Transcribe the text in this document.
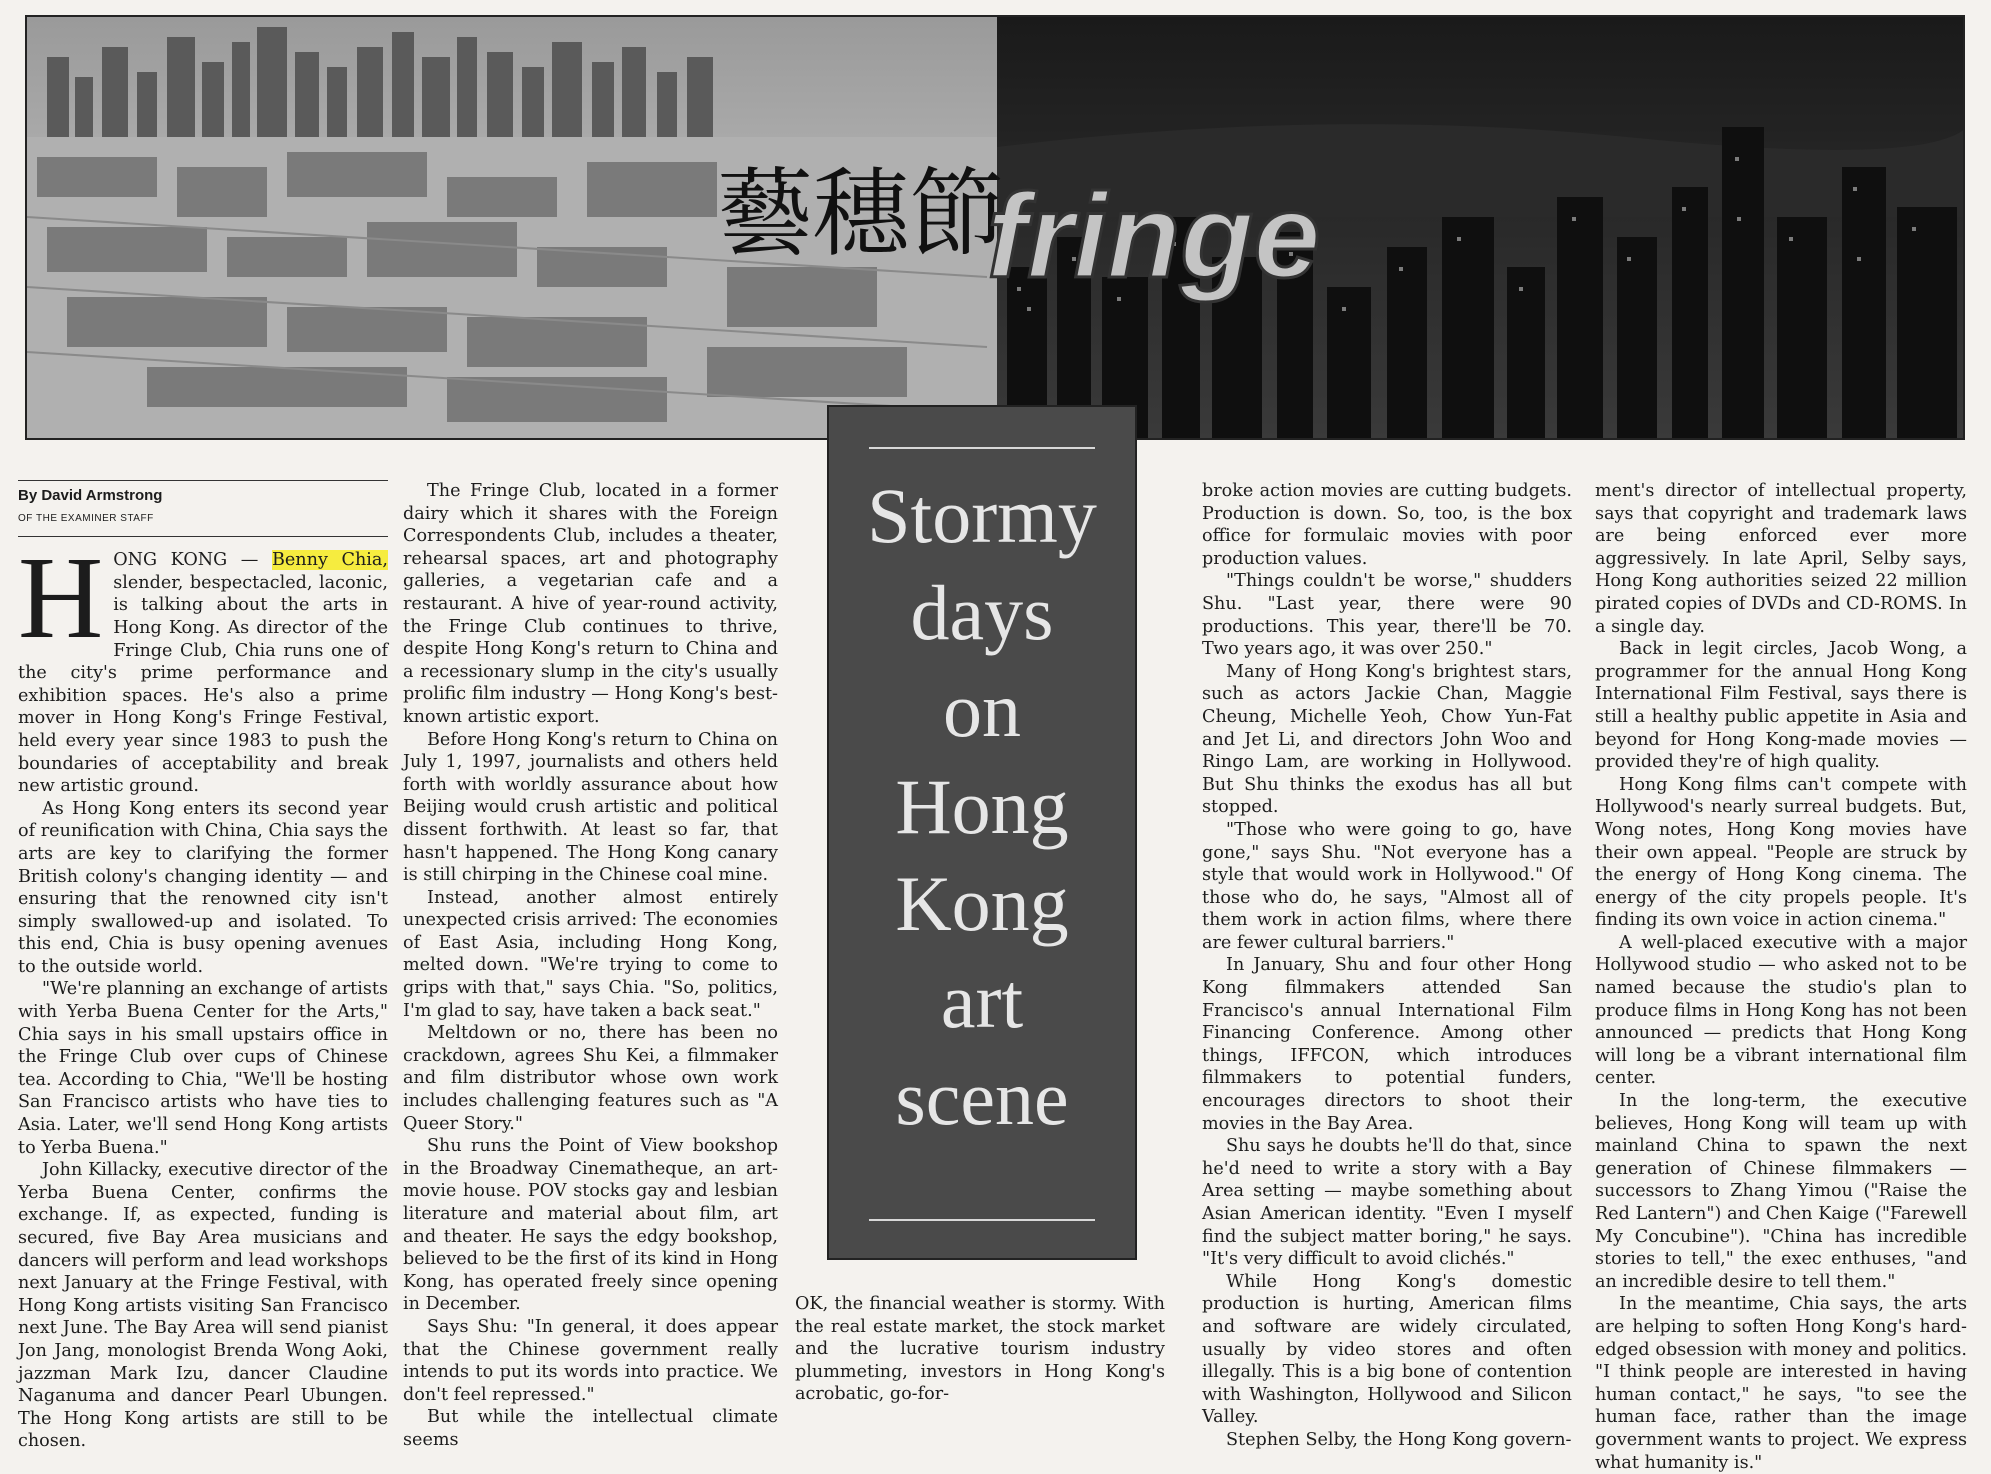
藝穗節
fringe
Stormy
days
on
Hong
Kong
art
scene
By David Armstrong
OF THE EXAMINER STAFF

HONG KONG — Benny Chia, slender, bespectacled, laconic, is talking about the arts in Hong Kong. As director of the Fringe Club, Chia runs one of the city's prime performance and exhibition spaces. He's also a prime mover in Hong Kong's Fringe Festival, held every year since 1983 to push the boundaries of acceptability and break new artistic ground.

As Hong Kong enters its second year of reunification with China, Chia says the arts are key to clarifying the former British colony's changing identity — and ensuring that the renowned city isn't simply swallowed-up and isolated. To this end, Chia is busy opening avenues to the outside world.

"We're planning an exchange of artists with Yerba Buena Center for the Arts," Chia says in his small upstairs office in the Fringe Club over cups of Chinese tea. According to Chia, "We'll be hosting San Francisco artists who have ties to Asia. Later, we'll send Hong Kong artists to Yerba Buena."

John Killacky, executive director of the Yerba Buena Center, confirms the exchange. If, as expected, funding is secured, five Bay Area musicians and dancers will perform and lead workshops next January at the Fringe Festival, with Hong Kong artists visiting San Francisco next June. The Bay Area will send pianist Jon Jang, monologist Brenda Wong Aoki, jazzman Mark Izu, dancer Claudine Naganuma and dancer Pearl Ubungen. The Hong Kong artists are still to be chosen.

The Fringe Club, located in a former dairy which it shares with the Foreign Correspondents Club, includes a theater, rehearsal spaces, art and photography galleries, a vegetarian cafe and a restaurant. A hive of year-round activity, the Fringe Club continues to thrive, despite Hong Kong's return to China and a recessionary slump in the city's usually prolific film industry — Hong Kong's best-known artistic export.

Before Hong Kong's return to China on July 1, 1997, journalists and others held forth with worldly assurance about how Beijing would crush artistic and political dissent forthwith. At least so far, that hasn't happened. The Hong Kong canary is still chirping in the Chinese coal mine.

Instead, another almost entirely unexpected crisis arrived: The economies of East Asia, including Hong Kong, melted down. "We're trying to come to grips with that," says Chia. "So, politics, I'm glad to say, have taken a back seat."

Meltdown or no, there has been no crackdown, agrees Shu Kei, a filmmaker and film distributor whose own work includes challenging features such as "A Queer Story."

Shu runs the Point of View bookshop in the Broadway Cinematheque, an art-movie house. POV stocks gay and lesbian literature and material about film, art and theater. He says the edgy bookshop, believed to be the first of its kind in Hong Kong, has operated freely since opening in December.

Says Shu: "In general, it does appear that the Chinese government really intends to put its words into practice. We don't feel repressed."

But while the intellectual climate seems

OK, the financial weather is stormy. With the real estate market, the stock market and the lucrative tourism industry plummeting, investors in Hong Kong's acrobatic, go-for-

broke action movies are cutting budgets. Production is down. So, too, is the box office for formulaic movies with poor production values.

"Things couldn't be worse," shudders Shu. "Last year, there were 90 productions. This year, there'll be 70. Two years ago, it was over 250."

Many of Hong Kong's brightest stars, such as actors Jackie Chan, Maggie Cheung, Michelle Yeoh, Chow Yun-Fat and Jet Li, and directors John Woo and Ringo Lam, are working in Hollywood. But Shu thinks the exodus has all but stopped.

"Those who were going to go, have gone," says Shu. "Not everyone has a style that would work in Hollywood." Of those who do, he says, "Almost all of them work in action films, where there are fewer cultural barriers."

In January, Shu and four other Hong Kong filmmakers attended San Francisco's annual International Film Financing Conference. Among other things, IFFCON, which introduces filmmakers to potential funders, encourages directors to shoot their movies in the Bay Area.

Shu says he doubts he'll do that, since he'd need to write a story with a Bay Area setting — maybe something about Asian American identity. "Even I myself find the subject matter boring," he says. "It's very difficult to avoid clichés."

While Hong Kong's domestic production is hurting, American films and software are widely circulated, usually by video stores and often illegally. This is a big bone of contention with Washington, Hollywood and Silicon Valley.

Stephen Selby, the Hong Kong govern-

ment's director of intellectual property, says that copyright and trademark laws are being enforced ever more aggressively. In late April, Selby says, Hong Kong authorities seized 22 million pirated copies of DVDs and CD-ROMS. In a single day.

Back in legit circles, Jacob Wong, a programmer for the annual Hong Kong International Film Festival, says there is still a healthy public appetite in Asia and beyond for Hong Kong-made movies — provided they're of high quality.

Hong Kong films can't compete with Hollywood's nearly surreal budgets. But, Wong notes, Hong Kong movies have their own appeal. "People are struck by the energy of Hong Kong cinema. The energy of the city propels people. It's finding its own voice in action cinema."

A well-placed executive with a major Hollywood studio — who asked not to be named because the studio's plan to produce films in Hong Kong has not been announced — predicts that Hong Kong will long be a vibrant international film center.

In the long-term, the executive believes, Hong Kong will team up with mainland China to spawn the next generation of Chinese filmmakers — successors to Zhang Yimou ("Raise the Red Lantern") and Chen Kaige ("Farewell My Concubine"). "China has incredible stories to tell," the exec enthuses, "and an incredible desire to tell them."

In the meantime, Chia says, the arts are helping to soften Hong Kong's hard-edged obsession with money and politics. "I think people are interested in having human contact," he says, "to see the human face, rather than the image government wants to project. We express what humanity is."
